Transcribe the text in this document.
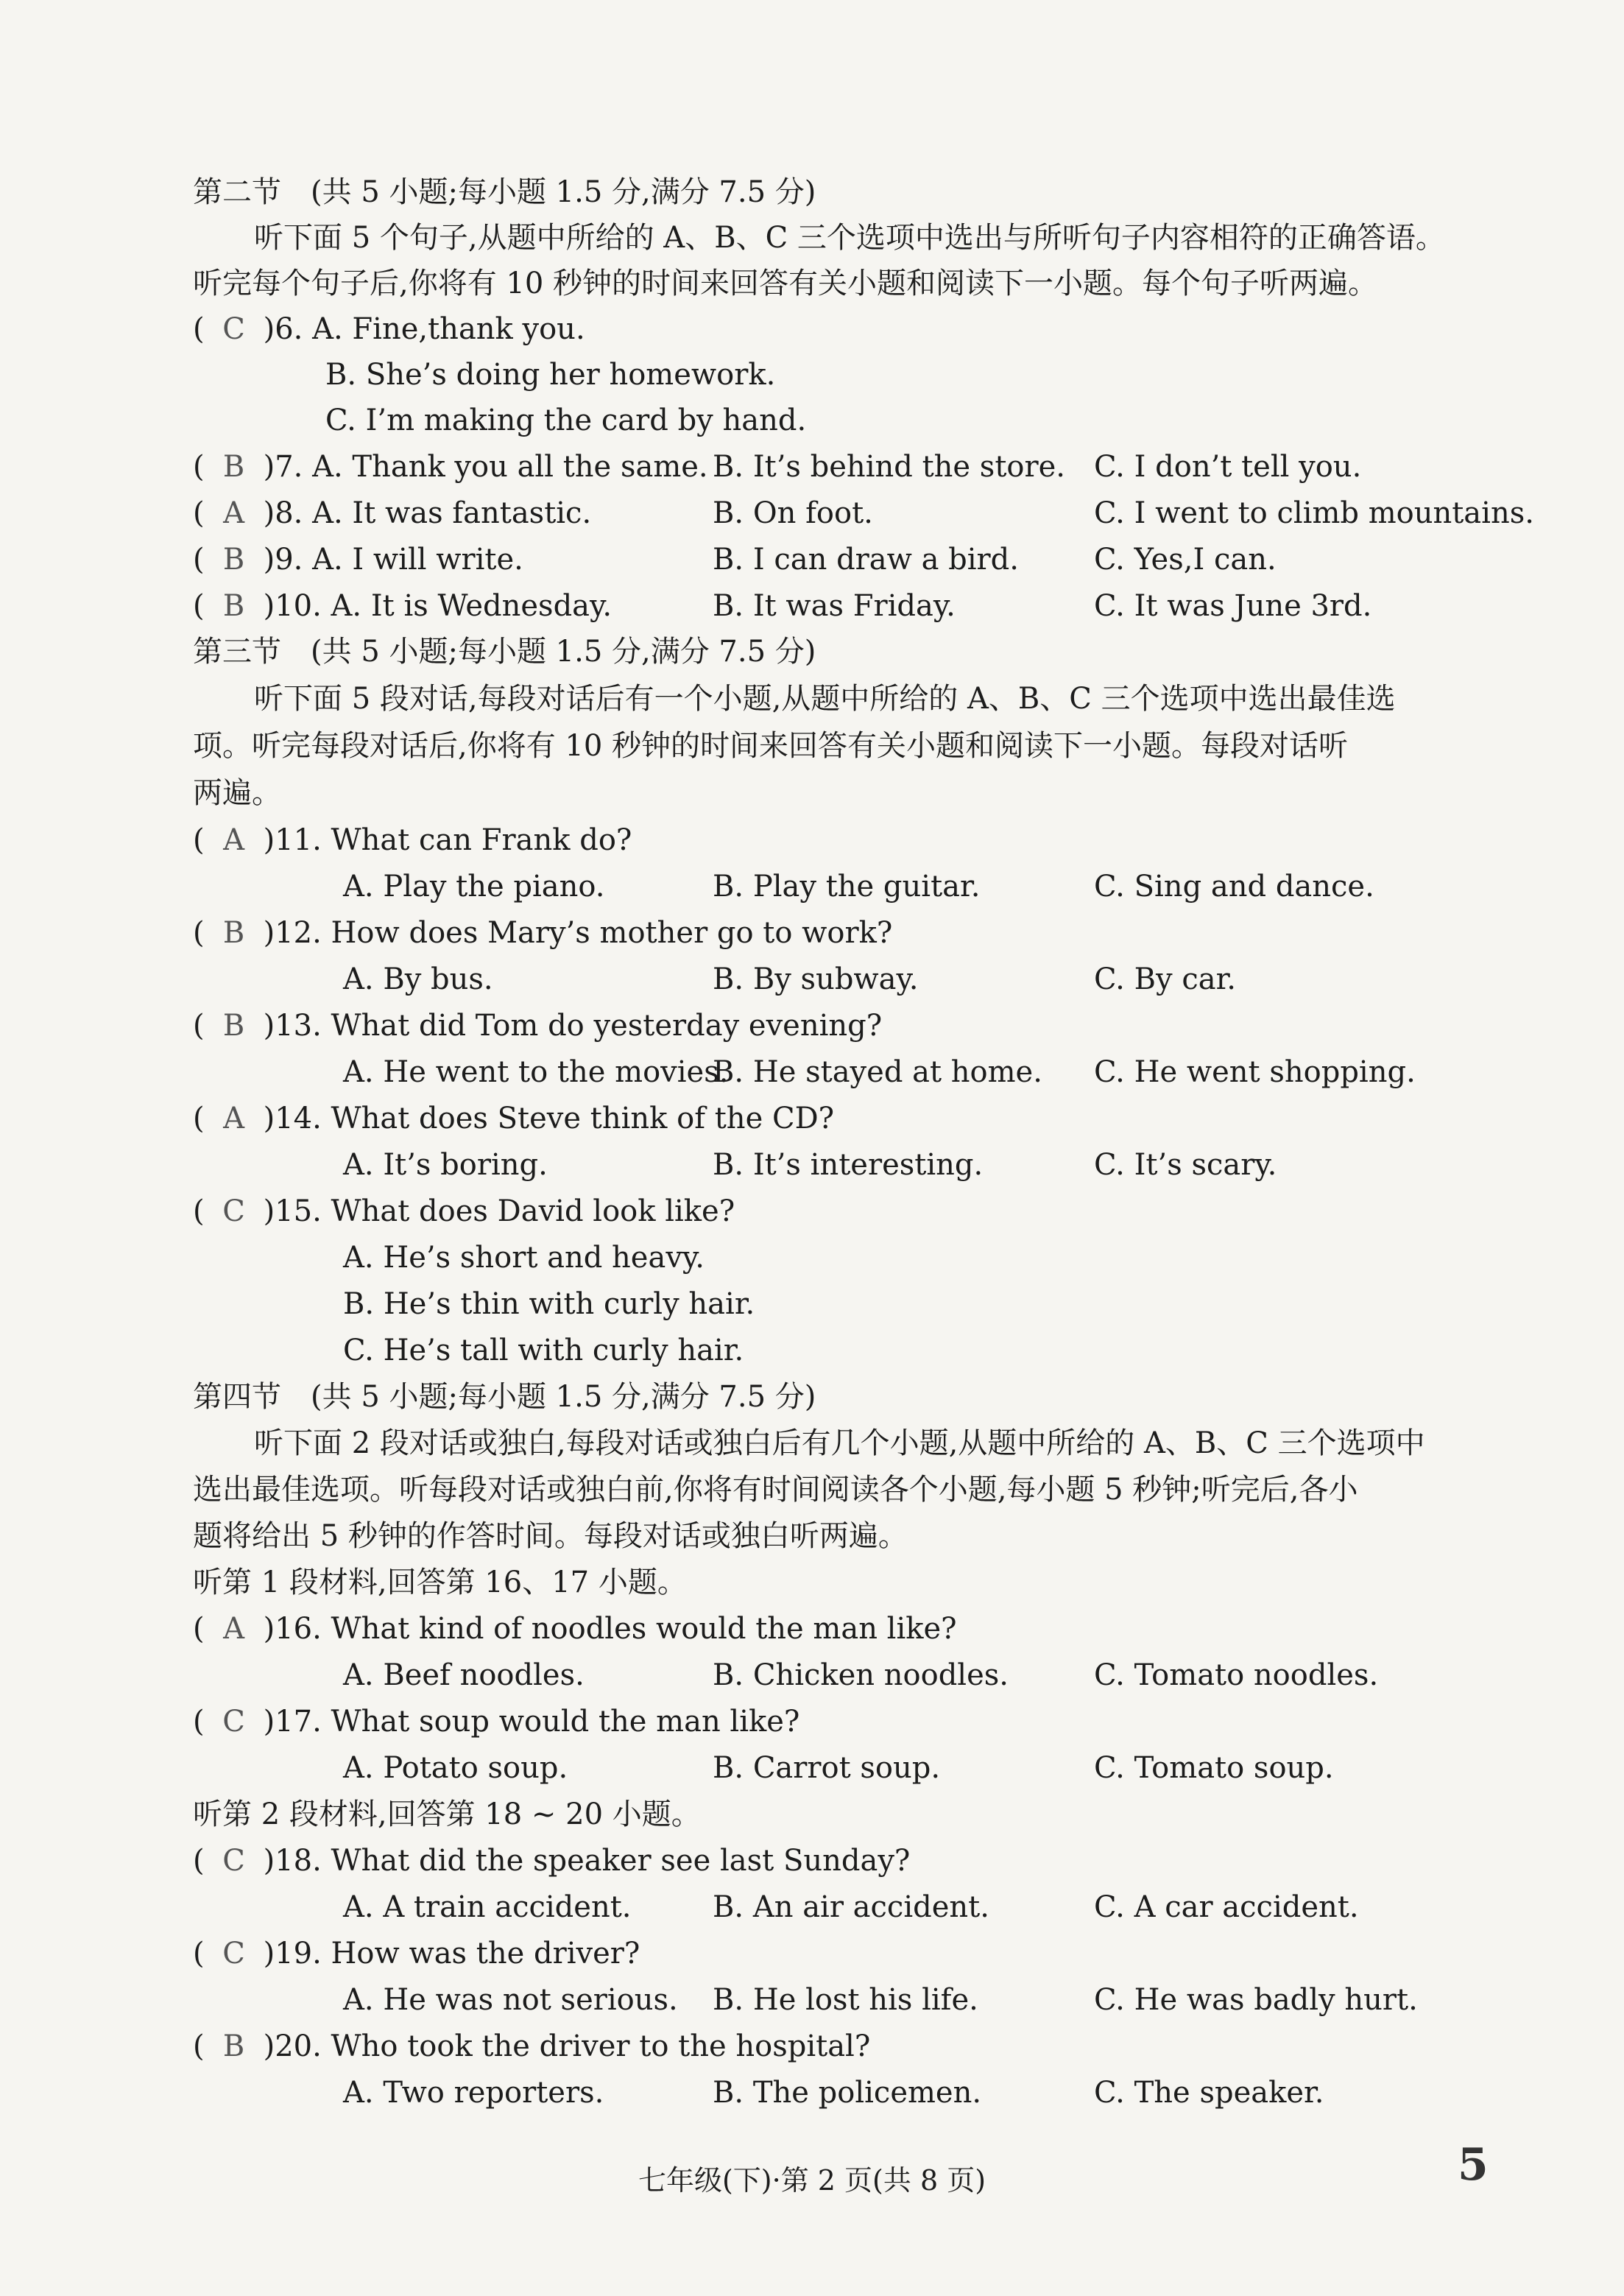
第二节　(共 5 小题;每小题 1.5 分,满分 7.5 分)
听下面 5 个句子,从题中所给的 A、B、C 三个选项中选出与所听句子内容相符的正确答语。
听完每个句子后,你将有 10 秒钟的时间来回答有关小题和阅读下一小题。每个句子听两遍。
( C )6. A. Fine,thank you.
B. She’s doing her homework.
C. I’m making the card by hand.
( B )7. A. Thank you all the same. B. It’s behind the store. C. I don’t tell you.
( A )8. A. It was fantastic.	B. On foot.	C. I went to climb mountains.
( B )9. A. I will write.	B. I can draw a bird.	C. Yes,I can.
( B )10. A. It is Wednesday.	B. It was Friday.	C. It was June 3rd.
第三节　(共 5 小题;每小题 1.5 分,满分 7.5 分)
听下面 5 段对话,每段对话后有一个小题,从题中所给的 A、B、C 三个选项中选出最佳选
项。听完每段对话后,你将有 10 秒钟的时间来回答有关小题和阅读下一小题。每段对话听
两遍。
( A )11. What can Frank do?
A. Play the piano.	B. Play the guitar.	C. Sing and dance.
( B )12. How does Mary’s mother go to work?
A. By bus.	B. By subway.	C. By car.
( B )13. What did Tom do yesterday evening?
A. He went to the movies.
B. He stayed at home.	C. He went shopping.
( A )14. What does Steve think of the CD?
A. It’s boring.	B. It’s interesting.	C. It’s scary.
( C )15. What does David look like?
A. He’s short and heavy.
B. He’s thin with curly hair.
C. He’s tall with curly hair.
第四节　(共 5 小题;每小题 1.5 分,满分 7.5 分)
听下面 2 段对话或独白,每段对话或独白后有几个小题,从题中所给的 A、B、C 三个选项中
选出最佳选项。听每段对话或独白前,你将有时间阅读各个小题,每小题 5 秒钟;听完后,各小
题将给出 5 秒钟的作答时间。每段对话或独白听两遍。
听第 1 段材料,回答第 16、17 小题。
( A )16. What kind of noodles would the man like?
A. Beef noodles.	B. Chicken noodles.	C. Tomato noodles.
( C )17. What soup would the man like?
A. Potato soup.	B. Carrot soup.	C. Tomato soup.
听第 2 段材料,回答第 18 ~ 20 小题。
( C )18. What did the speaker see last Sunday?
A. A train accident.	B. An air accident.	C. A car accident.
( C )19. How was the driver?
A. He was not serious.	B. He lost his life.	C. He was badly hurt.
( B )20. Who took the driver to the hospital?
A. Two reporters.	B. The policemen.	C. The speaker.
七年级(下)·第 2 页(共 8 页)	5
